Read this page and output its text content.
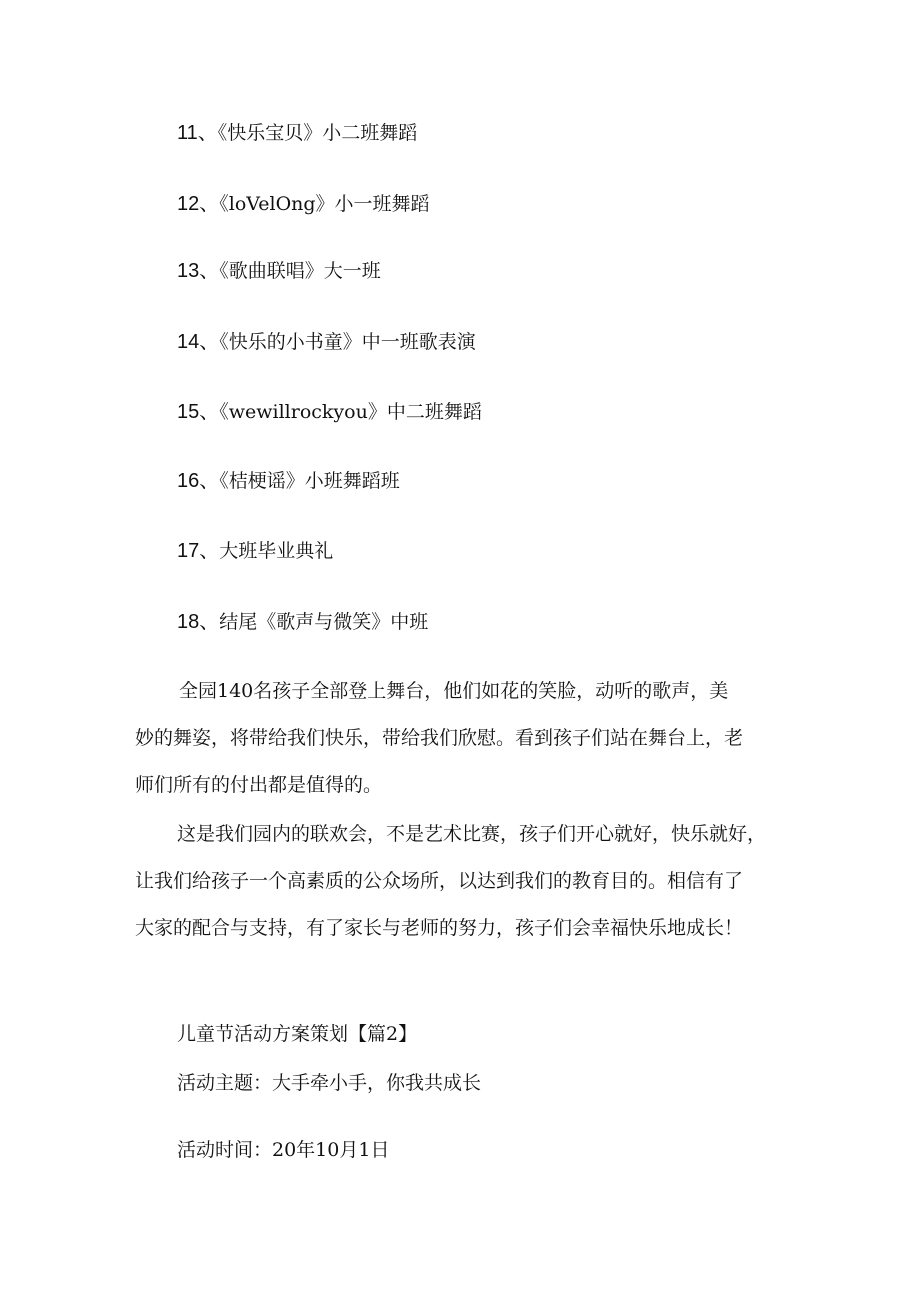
11、《快乐宝贝》小二班舞蹈
12、《loVelOng》小一班舞蹈
13、《歌曲联唱》大一班
14、《快乐的小书童》中一班歌表演
15、《wewillrockyou》中二班舞蹈
16、《桔梗谣》小班舞蹈班
17、大班毕业典礼
18、结尾《歌声与微笑》中班
全园140名孩子全部登上舞台，他们如花的笑脸，动听的歌声，美
妙的舞姿，将带给我们快乐，带给我们欣慰。看到孩子们站在舞台上，老
师们所有的付出都是值得的。
这是我们园内的联欢会，不是艺术比赛，孩子们开心就好，快乐就好，
让我们给孩子一个高素质的公众场所，以达到我们的教育目的。相信有了
大家的配合与支持，有了家长与老师的努力，孩子们会幸福快乐地成长！
儿童节活动方案策划【篇2】
活动主题：大手牵小手，你我共成长
活动时间：20年10月1日
